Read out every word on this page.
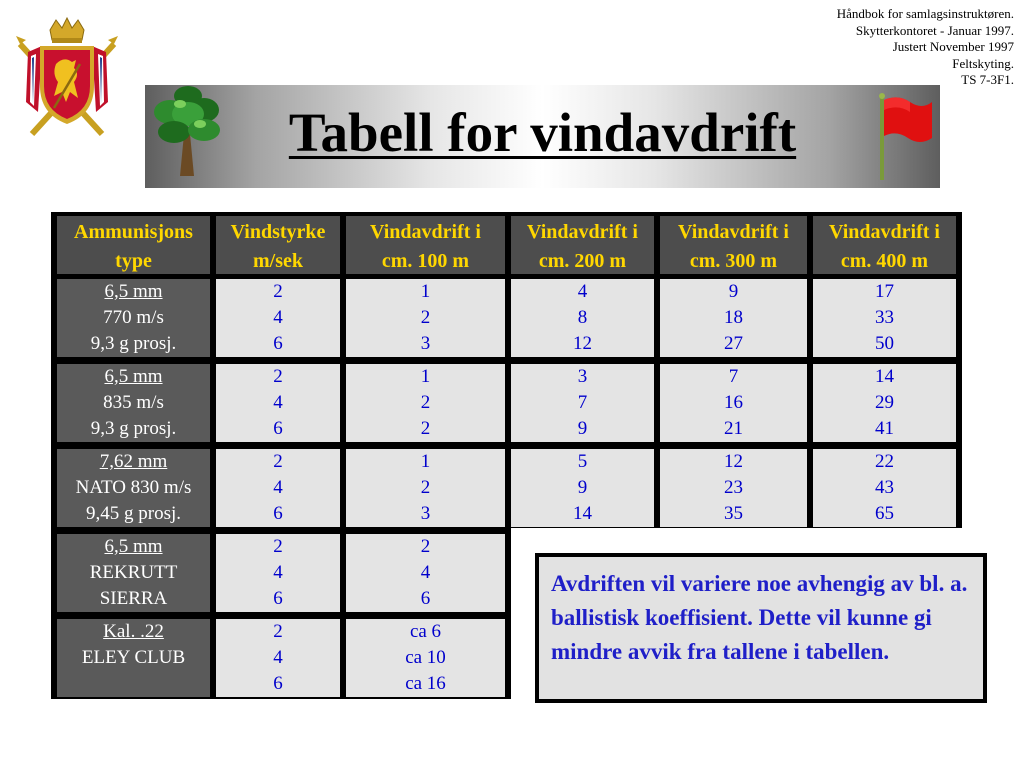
Håndbok for samlagsinstruktøren.
Skytterkontoret - Januar 1997.
Justert November 1997
Feltskyting.
TS 7-3F1.
Tabell for vindavdrift
Ammunisjons
type
Vindstyrke
m/sek
Vindavdrift i
cm. 100 m
Vindavdrift i
cm. 200 m
Vindavdrift i
cm. 300 m
Vindavdrift i
cm. 400 m
6,5 mm
770 m/s
9,3 g prosj.
2
4
6
1
2
3
4
8
12
9
18
27
17
33
50
6,5 mm
835 m/s
9,3 g prosj.
2
4
6
1
2
2
3
7
9
7
16
21
14
29
41
7,62 mm
NATO 830 m/s
9,45 g prosj.
2
4
6
1
2
3
5
9
14
12
23
35
22
43
65
6,5 mm
REKRUTT
SIERRA
2
4
6
2
4
6
Kal. .22
ELEY CLUB
2
4
6
ca 6
ca 10
ca 16
Avdriften vil variere noe avhengig av bl. a. ballistisk koeffisient. Dette vil kunne gi mindre avvik fra tallene i tabellen.
